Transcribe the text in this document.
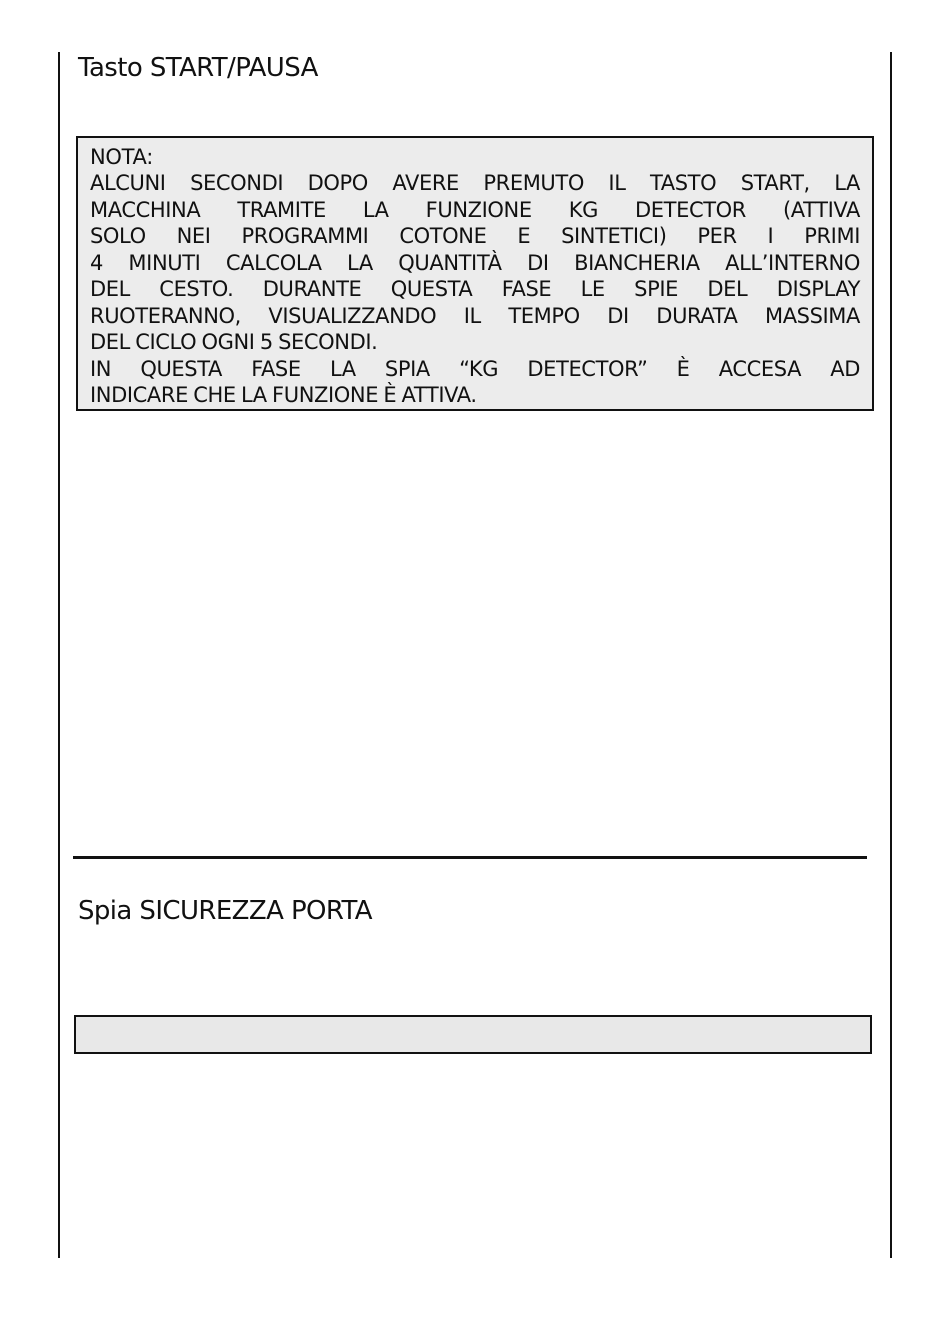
Tasto START/PAUSA

NOTA:

ALCUNI SECONDI DOPO AVERE PREMUTO IL TASTO START, LA
MACCHINA TRAMITE LA FUNZIONE KG DETECTOR (ATTIVA
SOLO NEI PROGRAMMI COTONE E SINTETICI) PER I PRIMI
4 MINUTI CALCOLA LA QUANTITÀ DI BIANCHERIA ALL’INTERNO
DEL CESTO. DURANTE QUESTA FASE LE SPIE DEL DISPLAY
RUOTERANNO, VISUALIZZANDO IL TEMPO DI DURATA MASSIMA
DEL CICLO OGNI 5 SECONDI.
IN QUESTA FASE LA SPIA “KG DETECTOR” È ACCESA AD
INDICARE CHE LA FUNZIONE È ATTIVA.
Spia SICUREZZA PORTA
